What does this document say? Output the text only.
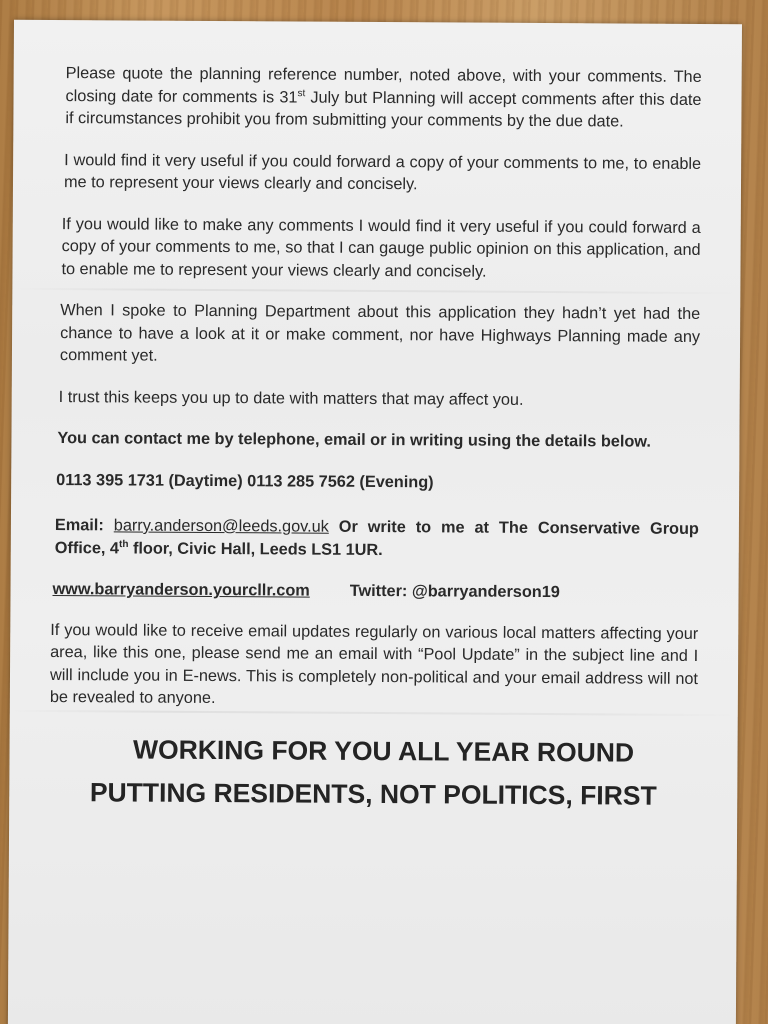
Please quote the planning reference number, noted above, with your comments. The closing date for comments is 31st July but Planning will accept comments after this date if circumstances prohibit you from submitting your comments by the due date.

I would find it very useful if you could forward a copy of your comments to me, to enable me to represent your views clearly and concisely.

If you would like to make any comments I would find it very useful if you could forward a copy of your comments to me, so that I can gauge public opinion on this application, and to enable me to represent your views clearly and concisely.

When I spoke to Planning Department about this application they hadn’t yet had the chance to have a look at it or make comment, nor have Highways Planning made any comment yet.

I trust this keeps you up to date with matters that may affect you.

You can contact me by telephone, email or in writing using the details below.

0113 395 1731 (Daytime) 0113 285 7562 (Evening)

Email: barry.anderson@leeds.gov.uk Or write to me at The Conservative Group Office, 4th floor, Civic Hall, Leeds LS1 1UR.

www.barryanderson.yourcllr.com Twitter: @barryanderson19

If you would like to receive email updates regularly on various local matters affecting your area, like this one, please send me an email with “Pool Update” in the subject line and I will include you in E-news. This is completely non-political and your email address will not be revealed to anyone.

WORKING FOR YOU ALL YEAR ROUND
PUTTING RESIDENTS, NOT POLITICS, FIRST
